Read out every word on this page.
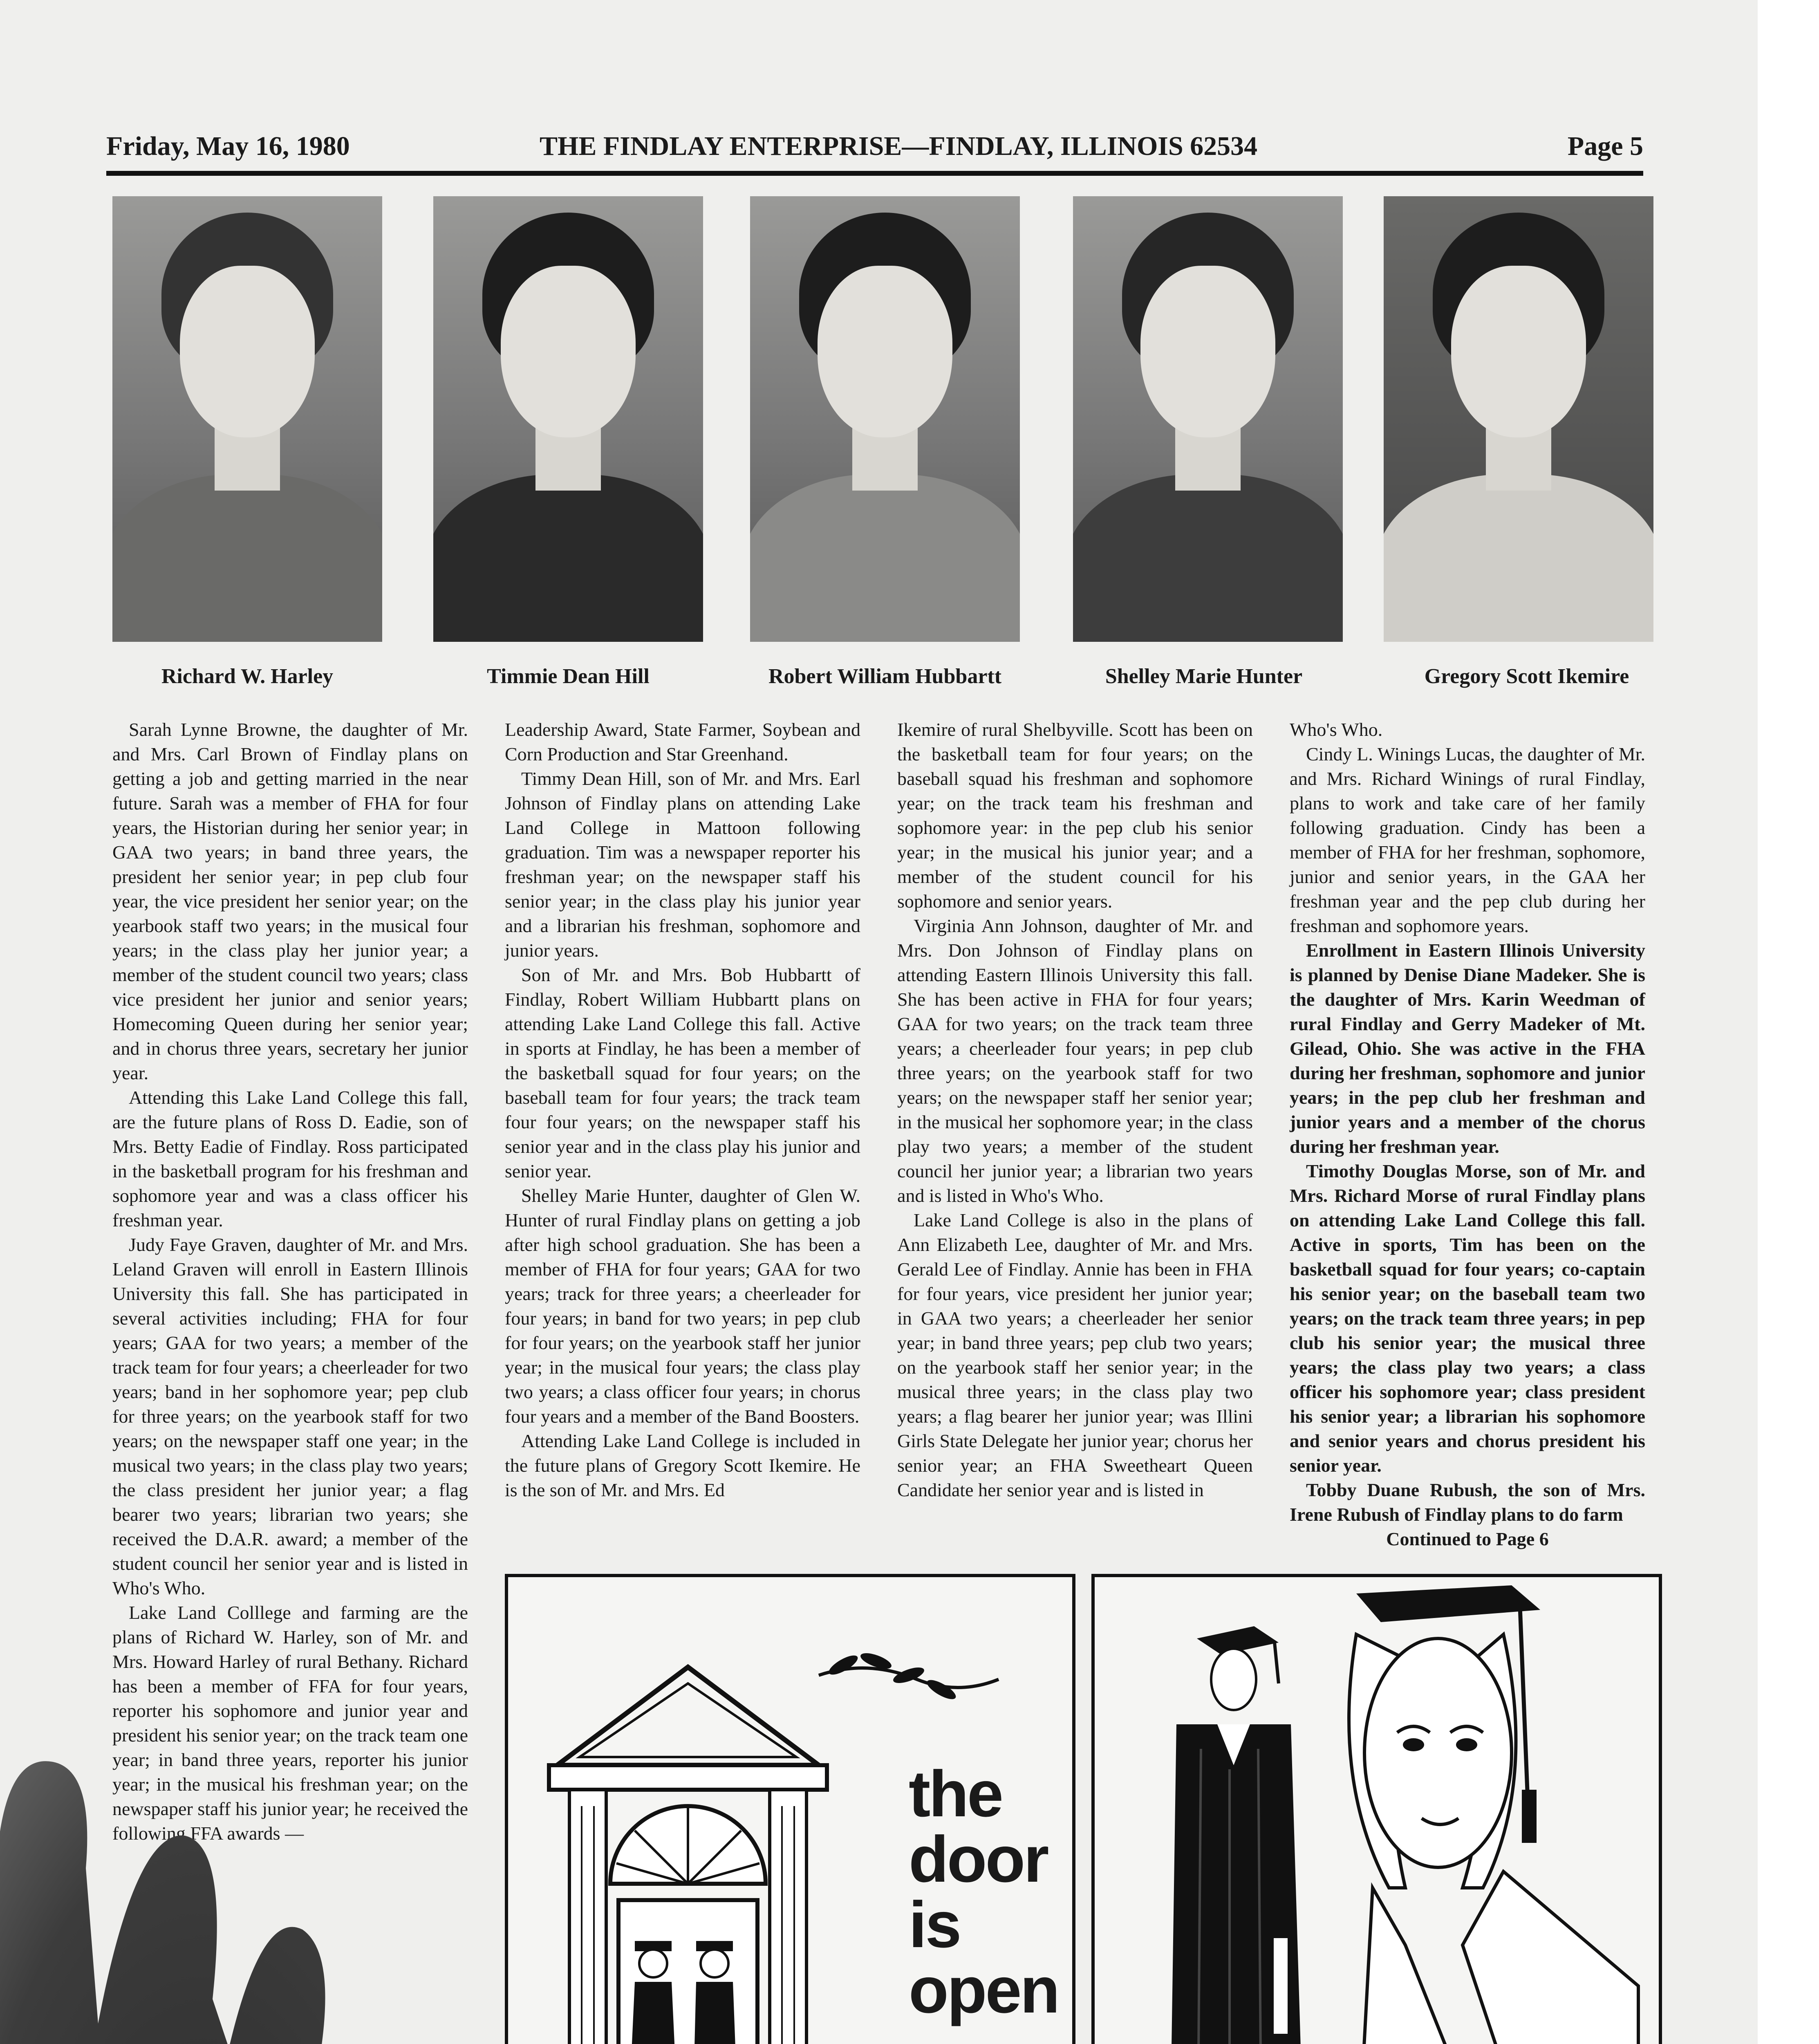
Friday, May 16, 1980	THE FINDLAY ENTERPRISE—FINDLAY, ILLINOIS 62534	Page 5
Richard W. Harley	Timmie Dean Hill	Robert William Hubbartt	Shelley Marie Hunter	Gregory Scott Ikemire

Sarah Lynne Browne, the daughter of Mr. and Mrs. Carl Brown of Findlay plans on getting a job and getting married in the near future. Sarah was a member of FHA for four years, the Historian during her senior year; in GAA two years; in band three years, the president her senior year; in pep club four year, the vice president her senior year; on the yearbook staff two years; in the musical four years; in the class play her junior year; a member of the student council two years; class vice president her junior and senior years; Homecoming Queen during her senior year; and in chorus three years, secretary her junior year.

Attending this Lake Land College this fall, are the future plans of Ross D. Eadie, son of Mrs. Betty Eadie of Findlay. Ross participated in the basketball program for his freshman and sophomore year and was a class officer his freshman year.

Judy Faye Graven, daughter of Mr. and Mrs. Leland Graven will enroll in Eastern Illinois University this fall. She has participated in several activities including; FHA for four years; GAA for two years; a member of the track team for four years; a cheerleader for two years; band in her sophomore year; pep club for three years; on the yearbook staff for two years; on the newspaper staff one year; in the musical two years; in the class play two years; the class president her junior year; a flag bearer two years; librarian two years; she received the D.A.R. award; a member of the student council her senior year and is listed in Who's Who.

Lake Land Colllege and farming are the plans of Richard W. Harley, son of Mr. and Mrs. Howard Harley of rural Bethany. Richard has been a member of FFA for four years, reporter his sophomore and junior year and president his senior year; on the track team one year; in band three years, reporter his junior year; in the musical his freshman year; on the newspaper staff his junior year; he received the following FFA awards —

Leadership Award, State Farmer, Soybean and Corn Production and Star Greenhand.

Timmy Dean Hill, son of Mr. and Mrs. Earl Johnson of Findlay plans on attending Lake Land College in Mattoon following graduation. Tim was a newspaper reporter his freshman year; on the newspaper staff his senior year; in the class play his junior year and a librarian his freshman, sophomore and junior years.

Son of Mr. and Mrs. Bob Hubbartt of Findlay, Robert William Hubbartt plans on attending Lake Land College this fall. Active in sports at Findlay, he has been a member of the basketball squad for four years; on the baseball team for four years; the track team four four years; on the newspaper staff his senior year and in the class play his junior and senior year.

Shelley Marie Hunter, daughter of Glen W. Hunter of rural Findlay plans on getting a job after high school graduation. She has been a member of FHA for four years; GAA for two years; track for three years; a cheerleader for four years; in band for two years; in pep club for four years; on the yearbook staff her junior year; in the musical four years; the class play two years; a class officer four years; in chorus four years and a member of the Band Boosters.

Attending Lake Land College is included in the future plans of Gregory Scott Ikemire. He is the son of Mr. and Mrs. Ed

Ikemire of rural Shelbyville. Scott has been on the basketball team for four years; on the baseball squad his freshman and sophomore year; on the track team his freshman and sophomore year: in the pep club his senior year; in the musical his junior year; and a member of the student council for his sophomore and senior years.

Virginia Ann Johnson, daughter of Mr. and Mrs. Don Johnson of Findlay plans on attending Eastern Illinois University this fall. She has been active in FHA for four years; GAA for two years; on the track team three years; a cheerleader four years; in pep club three years; on the yearbook staff for two years; on the newspaper staff her senior year; in the musical her sophomore year; in the class play two years; a member of the student council her junior year; a librarian two years and is listed in Who's Who.

Lake Land College is also in the plans of Ann Elizabeth Lee, daughter of Mr. and Mrs. Gerald Lee of Findlay. Annie has been in FHA for four years, vice president her junior year; in GAA two years; a cheerleader her senior year; in band three years; pep club two years; on the yearbook staff her senior year; in the musical three years; in the class play two years; a flag bearer her junior year; was Illini Girls State Delegate her junior year; chorus her senior year; an FHA Sweetheart Queen Candidate her senior year and is listed in

Who's Who.

Cindy L. Winings Lucas, the daughter of Mr. and Mrs. Richard Winings of rural Findlay, plans to work and take care of her family following graduation. Cindy has been a member of FHA for her freshman, sophomore, junior and senior years, in the GAA her freshman year and the pep club during her freshman and sophomore years.

Enrollment in Eastern Illinois University is planned by Denise Diane Madeker. She is the daughter of Mrs. Karin Weedman of rural Findlay and Gerry Madeker of Mt. Gilead, Ohio. She was active in the FHA during her freshman, sophomore and junior years; in the pep club her freshman and junior years and a member of the chorus during her freshman year.

Timothy Douglas Morse, son of Mr. and Mrs. Richard Morse of rural Findlay plans on attending Lake Land College this fall. Active in sports, Tim has been on the basketball squad for four years; co-captain his senior year; on the baseball team two years; on the track team three years; in pep club his senior year; the musical three years; the class play two years; a class officer his sophomore year; class president his senior year; a librarian his sophomore and senior years and chorus president his senior year.

Tobby Duane Rubush, the son of Mrs. Irene Rubush of Findlay plans to do farm

Continued to Page 6

the
door
is
open
